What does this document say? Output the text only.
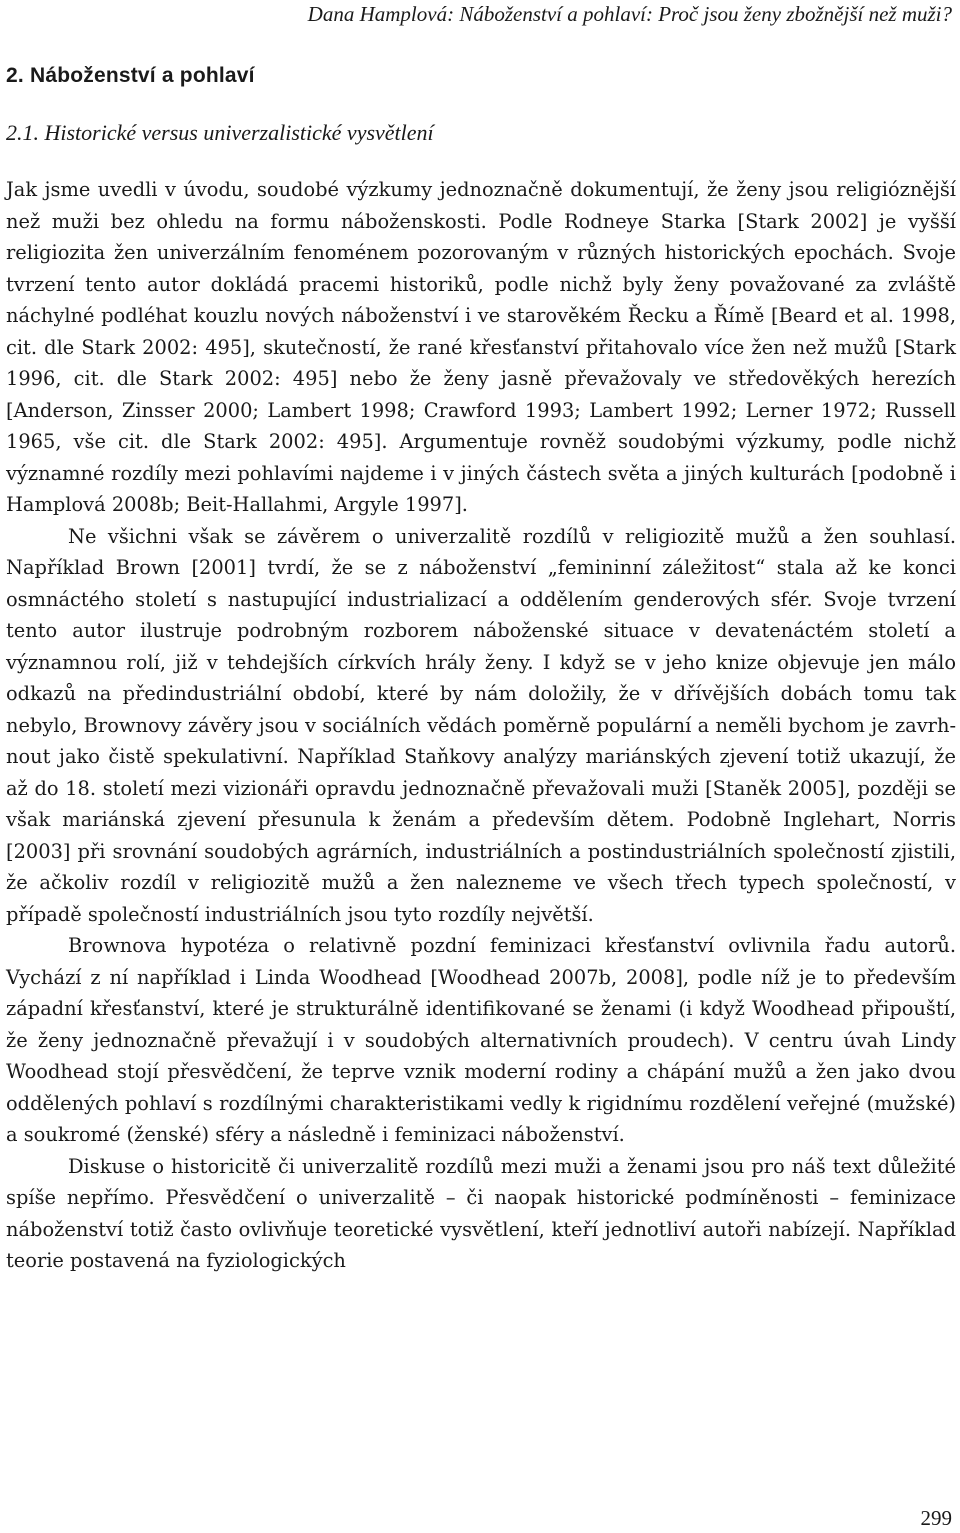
Dana Hamplová: Náboženství a pohlaví: Proč jsou ženy zbožnější než muži?
2. Náboženství a pohlaví
2.1. Historické versus univerzalistické vysvětlení

Jak jsme uvedli v úvodu, soudobé výzkumy jednoznačně dokumentují, že ženy jsou religióznější než muži bez ohledu na formu náboženskosti. Podle Rodneye Starka [Stark 2002] je vyšší religiozita žen univerzálním fenoménem pozorovaným v různých historických epochách. Svoje tvrzení tento autor dokládá pracemi historiků, podle nichž byly ženy považované za zvláště náchylné podléhat kouzlu nových náboženství i ve starověkém Řecku a Římě [Beard et al. 1998, cit. dle Stark 2002: 495], skutečností, že rané křesťanství přitahovalo více žen než mužů [Stark 1996, cit. dle Stark 2002: 495] nebo že ženy jasně převažovaly ve středověkých herezích [Anderson, Zinsser 2000; Lambert 1998; Crawford 1993; Lambert 1992; Lerner 1972; Russell 1965, vše cit. dle Stark 2002: 495]. Argumentuje rovněž soudobými výzkumy, podle nichž významné rozdíly mezi pohlavími najdeme i v jiných částech světa a jiných kulturách [podobně i Hamplová 2008b; Beit-Hallahmi, Argyle 1997].

Ne všichni však se závěrem o univerzalitě rozdílů v religiozitě mužů a žen souhlasí. Například Brown [2001] tvrdí, že se z náboženství „femininní záležitost“ stala až ke konci osmnáctého století s nastupující industrializací a oddělením genderových sfér. Svoje tvrzení tento autor ilustruje podrobným rozborem náboženské situace v devatenáctém století a významnou rolí, již v tehdejších církvích hrály ženy. I když se v jeho knize objevuje jen málo odkazů na předindustriální období, které by nám doložily, že v dřívějších dobách tomu tak nebylo, Brownovy závěry jsou v sociálních vědách poměrně populární a neměli bychom je zavrhnout jako čistě spekulativní. Například Staňkovy analýzy mariánských zjevení totiž ukazují, že až do 18. století mezi vizionáři opravdu jednoznačně převažovali muži [Staněk 2005], později se však mariánská zjevení přesunula k ženám a především dětem. Podobně Inglehart, Norris [2003] při srovnání soudobých agrárních, industriálních a postindustriálních společností zjistili, že ačkoliv rozdíl v religiozitě mužů a žen nalezneme ve všech třech typech společností, v případě společností industriálních jsou tyto rozdíly největší.

Brownova hypotéza o relativně pozdní feminizaci křesťanství ovlivnila řadu autorů. Vychází z ní například i Linda Woodhead [Woodhead 2007b, 2008], podle níž je to především západní křesťanství, které je strukturálně identifikované se ženami (i když Woodhead připouští, že ženy jednoznačně převažují i v soudobých alternativních proudech). V centru úvah Lindy Woodhead stojí přesvědčení, že teprve vznik moderní rodiny a chápání mužů a žen jako dvou oddělených pohlaví s rozdílnými charakteristikami vedly k rigidnímu rozdělení veřejné (mužské) a soukromé (ženské) sféry a následně i feminizaci náboženství.

Diskuse o historicitě či univerzalitě rozdílů mezi muži a ženami jsou pro náš text důležité spíše nepřímo. Přesvědčení o univerzalitě – či naopak historické podmíněnosti – feminizace náboženství totiž často ovlivňuje teoretické vysvětlení, kteří jednotliví autoři nabízejí. Například teorie postavená na fyziologických

299
